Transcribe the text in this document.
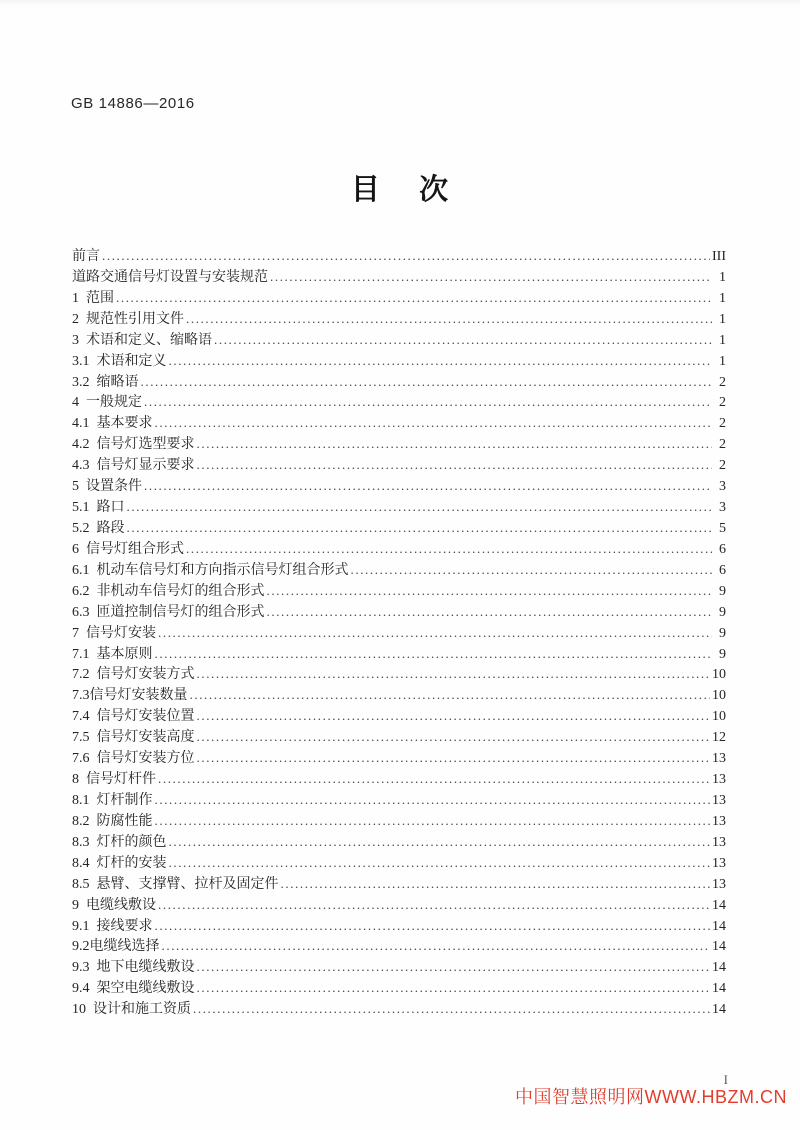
GB 14886—2016
目 次
前言 .....	III
道路交通信号灯设置与安装规范 .....	1
1  范围 .....	1
2  规范性引用文件 .....	1
3  术语和定义、缩略语 .....	1
3.1  术语和定义 .....	1
3.2  缩略语 .....	2
4  一般规定 .....	2
4.1  基本要求 .....	2
4.2  信号灯选型要求 .....	2
4.3  信号灯显示要求 .....	2
5  设置条件 .....	3
5.1  路口 .....	3
5.2  路段 .....	5
6  信号灯组合形式 .....	6
6.1  机动车信号灯和方向指示信号灯组合形式 .....	6
6.2  非机动车信号灯的组合形式 .....	9
6.3  匝道控制信号灯的组合形式 .....	9
7  信号灯安装 .....	9
7.1  基本原则 .....	9
7.2  信号灯安装方式 .....	10
7.3信号灯安装数量 .....	10
7.4  信号灯安装位置 .....	10
7.5  信号灯安装高度 .....	12
7.6  信号灯安装方位 .....	13
8  信号灯杆件 .....	13
8.1  灯杆制作 .....	13
8.2  防腐性能 .....	13
8.3  灯杆的颜色 .....	13
8.4  灯杆的安装 .....	13
8.5  悬臂、支撑臂、拉杆及固定件 .....	13
9  电缆线敷设 .....	14
9.1  接线要求 .....	14
9.2电缆线选择 .....	14
9.3  地下电缆线敷设 .....	14
9.4  架空电缆线敷设 .....	14
10  设计和施工资质 .....	14
I
中国智慧照明网WWW.HBZM.CN
